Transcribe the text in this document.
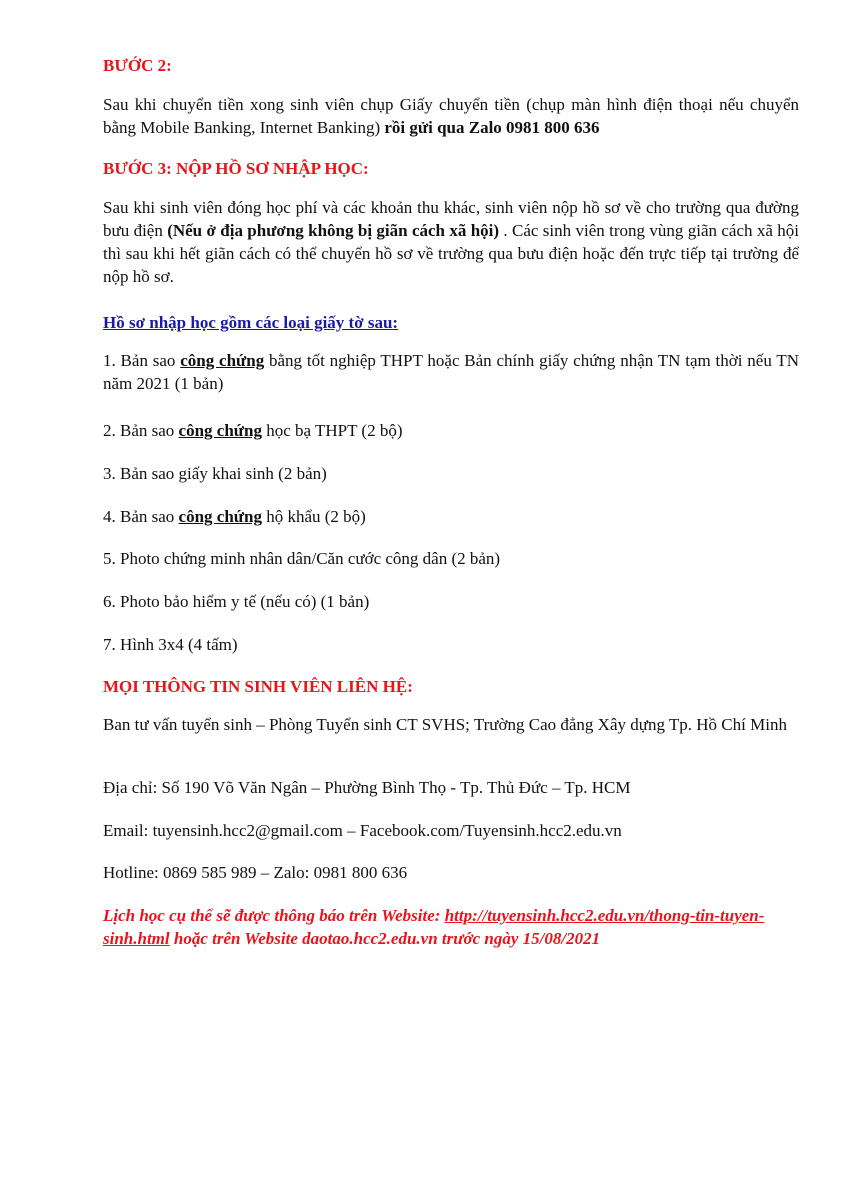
BƯỚC 2:
Sau khi chuyển tiền xong sinh viên chụp Giấy chuyển tiền (chụp màn hình điện thoại nếu chuyển bằng Mobile Banking, Internet Banking) rồi gửi qua Zalo 0981 800 636
BƯỚC 3: NỘP HỒ SƠ NHẬP HỌC:
Sau khi sinh viên đóng học phí và các khoản thu khác, sinh viên nộp hồ sơ về cho trường qua đường bưu điện (Nếu ở địa phương không bị giãn cách xã hội) . Các sinh viên trong vùng giãn cách xã hội thì sau khi hết giãn cách có thể chuyển hồ sơ về trường qua bưu điện hoặc đến trực tiếp tại trường để nộp hồ sơ.
Hồ sơ nhập học gồm các loại giấy tờ sau:
1. Bản sao công chứng bằng tốt nghiệp THPT hoặc Bản chính giấy chứng nhận TN tạm thời nếu TN năm 2021 (1 bản)
2. Bản sao công chứng học bạ THPT (2 bộ)
3. Bản sao giấy khai sinh (2 bản)
4. Bản sao công chứng hộ khẩu (2 bộ)
5. Photo chứng minh nhân dân/Căn cước công dân (2 bản)
6. Photo bảo hiểm y tế (nếu có) (1 bản)
7. Hình 3x4 (4 tấm)
MỌI THÔNG TIN SINH VIÊN LIÊN HỆ:
Ban tư vấn tuyển sinh – Phòng Tuyển sinh CT SVHS; Trường Cao đẳng Xây dựng Tp. Hồ Chí Minh
Địa chỉ: Số 190 Võ Văn Ngân – Phường Bình Thọ - Tp. Thủ Đức – Tp. HCM
Email: tuyensinh.hcc2@gmail.com – Facebook.com/Tuyensinh.hcc2.edu.vn
Hotline: 0869 585 989 – Zalo: 0981 800 636
Lịch học cụ thể sẽ được thông báo trên Website: http://tuyensinh.hcc2.edu.vn/thong-tin-tuyen-sinh.html hoặc trên Website daotao.hcc2.edu.vn trước ngày 15/08/2021
